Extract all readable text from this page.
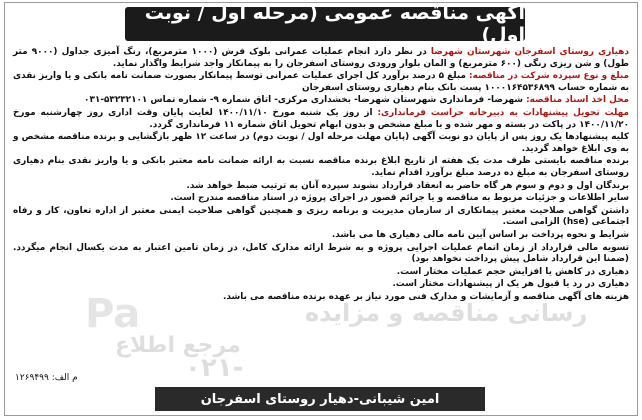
آگهی مناقصه عمومی (مرحله اول / نوبت اول)

دهیاری روستای اسفرجان شهرستان شهرضا در نظر دارد انجام عملیات عمرانی بلوک فرش (۱۰۰۰ مترمربع)، رنگ آمیزی جداول (۹۰۰۰ متر طول) و شن ریزی رنگی (۶۰۰ مترمربع) و المان بلوار ورودی روستای اسفرجان را به پیمانکار واجد شرایط واگذار نماید.

مبلغ و نوع سپرده شرکت در مناقصه: مبلغ ۵ درصد برآورد کل اجرای عملیات عمرانی توسط پیمانکار بصورت ضمانت نامه بانکی و یا واریز نقدی به شماره حساب ۱۰۰۰۱۶۴۵۳۶۸۹۹ پست بانک بنام دهیاری روستای اسفرجان

محل اخذ اسناد مناقصه: شهرضا- فرمانداری شهرستان شهرضا- بخشداری مرکزی- اتاق شماره ۹- شماره تماس ۵۳۲۳۲۱۰۱-۰۳۱

مهلت تحویل پیشنهادات به دبیرخانه حراست فرمانداری: از روز یک شنبه مورخ ۱۴۰۰/۱۱/۱۰ لغایت پایان وقت اداری روز چهارشنبه مورخ ۱۴۰۰/۱۱/۲۰ در پاکت در بسته و مهر شده و با مبلغ مشخص و بدون ابهام تحویل اتاق شماره ۱۱ فرمانداری گردد.

کلیه پیشنهادها یک روز پس از پایان دو نوبت آگهی (پایان مهلت مرحله اول / نوبت دوم) در ساعت ۱۲ ظهر بازگشایی و برنده مناقصه مشخص و به وی ابلاغ خواهد گردید.

برنده مناقصه بایستی ظرف مدت یک هفته از تاریخ ابلاغ برنده مناقصه نسبت به ارائه ضمانت نامه معتبر بانکی و یا واریز نقدی بنام دهیاری روستای اسفرجان به مبلغ ده درصد مبلغ برآورد اقدام نماید.

برندگان اول و دوم و سوم هر گاه حاضر به انعقاد قرارداد نشوند سپرده آنان به ترتیب ضبط خواهد شد.

سایر اطلاعات و جزئیات مربوط به مناقصه و یا جرائم قصور در اجرای پروژه در اسناد مناقصه مندرج است.

داشتن گواهی صلاحیت معتبر پیمانکاری از سازمان مدیریت و برنامه ریزی و همچنین گواهی صلاحیت ایمنی معتبر از اداره تعاون، کار و رفاه اجتماعی (hse) الزامی است.

شرایط و نحوه پرداخت بر اساس آیین نامه مالی دهیاری ها می باشد.

تسویه مالی قرارداد از زمان اتمام عملیات اجرایی پروژه و به شرط ارائه مدارک کامل، در زمان تامین اعتبار به مدت یکسال انجام میگردد. (ضمنا این قرارداد شامل پیش پرداخت نخواهد بود)

دهیاری در کاهش یا افزایش حجم عملیات مختار است.

دهیاری در رد یا قبول هر یک از پیشنهادات مختار است.

هزینه های آگهی مناقصه و آزمایشات و مدارک فنی مورد نیاز بر عهده برنده مناقصه می باشد.

Pa	رسانی مناقصه و مزایده
مرجع اطلاع
۰۲۱-
م الف: ۱۲۶۹۴۹۹
امین شیبانی-دهیار روستای اسفرجان
